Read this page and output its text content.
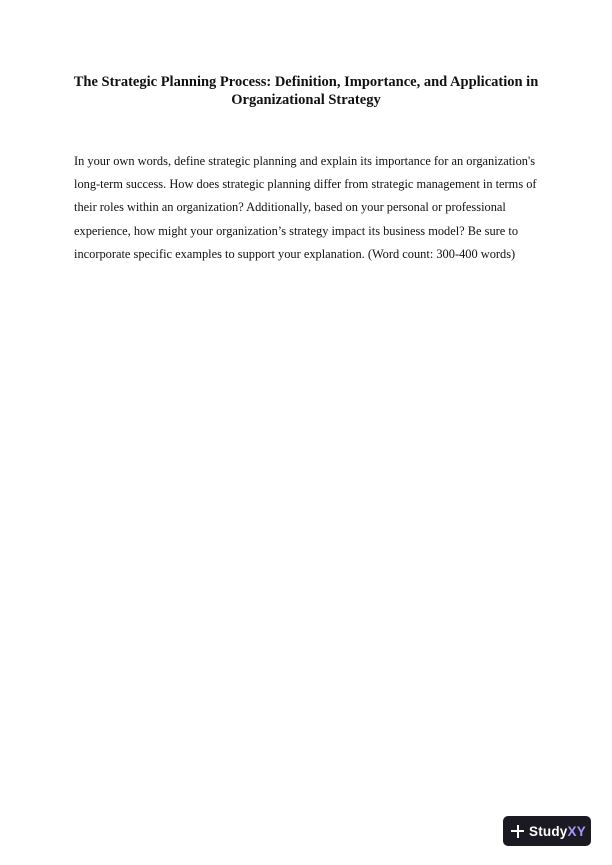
The Strategic Planning Process: Definition, Importance, and Application in
Organizational Strategy

In your own words, define strategic planning and explain its importance for an organization's
long-term success. How does strategic planning differ from strategic management in terms of
their roles within an organization? Additionally, based on your personal or professional
experience, how might your organization’s strategy impact its business model? Be sure to
incorporate specific examples to support your explanation. (Word count: 300-400 words)

StudyXY
